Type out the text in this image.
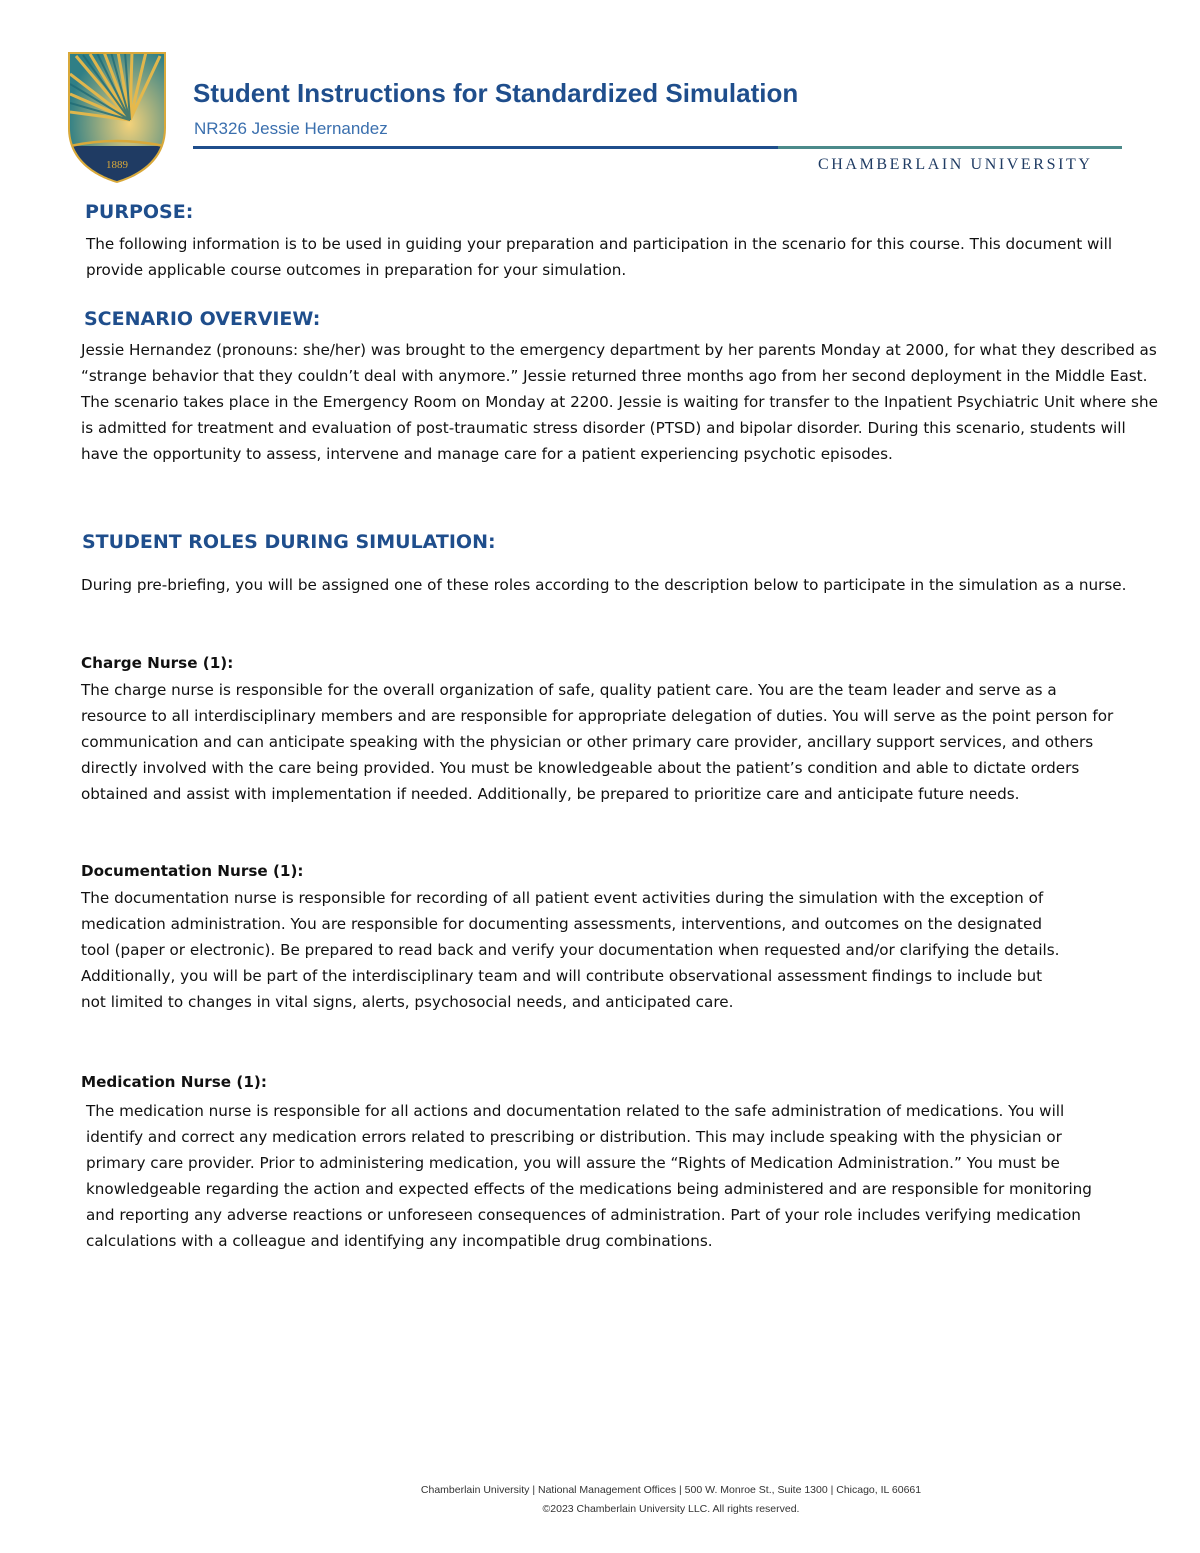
1889
Student Instructions for Standardized Simulation
NR326 Jessie Hernandez
CHAMBERLAIN UNIVERSITY
PURPOSE:
The following information is to be used in guiding your preparation and participation in the scenario for this course. This document will provide applicable course outcomes in preparation for your simulation.
SCENARIO OVERVIEW:
Jessie Hernandez (pronouns: she/her) was brought to the emergency department by her parents Monday at 2000, for what they described as “strange behavior that they couldn’t deal with anymore.” Jessie returned three months ago from her second deployment in the Middle East. The scenario takes place in the Emergency Room on Monday at 2200. Jessie is waiting for transfer to the Inpatient Psychiatric Unit where she is admitted for treatment and evaluation of post-traumatic stress disorder (PTSD) and bipolar disorder. During this scenario, students will have the opportunity to assess, intervene and manage care for a patient experiencing psychotic episodes.
STUDENT ROLES DURING SIMULATION:
During pre-briefing, you will be assigned one of these roles according to the description below to participate in the simulation as a nurse.
Charge Nurse (1):
The charge nurse is responsible for the overall organization of safe, quality patient care. You are the team leader and serve as a resource to all interdisciplinary members and are responsible for appropriate delegation of duties. You will serve as the point person for communication and can anticipate speaking with the physician or other primary care provider, ancillary support services, and others directly involved with the care being provided. You must be knowledgeable about the patient’s condition and able to dictate orders obtained and assist with implementation if needed. Additionally, be prepared to prioritize care and anticipate future needs.
Documentation Nurse (1):
The documentation nurse is responsible for recording of all patient event activities during the simulation with the exception of medication administration. You are responsible for documenting assessments, interventions, and outcomes on the designated tool (paper or electronic). Be prepared to read back and verify your documentation when requested and/or clarifying the details. Additionally, you will be part of the interdisciplinary team and will contribute observational assessment findings to include but not limited to changes in vital signs, alerts, psychosocial needs, and anticipated care.
Medication Nurse (1):
The medication nurse is responsible for all actions and documentation related to the safe administration of medications. You will identify and correct any medication errors related to prescribing or distribution. This may include speaking with the physician or primary care provider. Prior to administering medication, you will assure the “Rights of Medication Administration.” You must be knowledgeable regarding the action and expected effects of the medications being administered and are responsible for monitoring and reporting any adverse reactions or unforeseen consequences of administration. Part of your role includes verifying medication calculations with a colleague and identifying any incompatible drug combinations.
Chamberlain University | National Management Offices | 500 W. Monroe St., Suite 1300 | Chicago, IL 60661
©2023 Chamberlain University LLC. All rights reserved.
